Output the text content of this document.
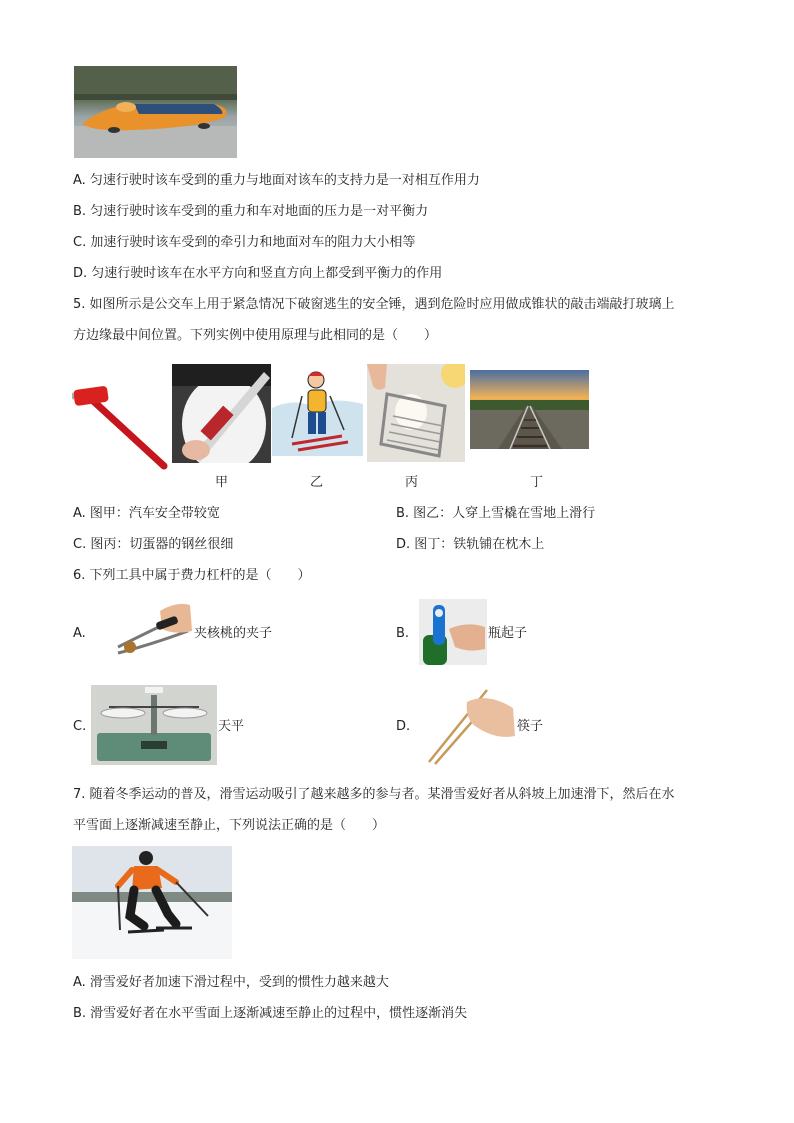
A. 匀速行驶时该车受到的重力与地面对该车的支持力是一对相互作用力
B. 匀速行驶时该车受到的重力和车对地面的压力是一对平衡力
C. 加速行驶时该车受到的牵引力和地面对车的阻力大小相等
D. 匀速行驶时该车在水平方向和竖直方向上都受到平衡力的作用
5. 如图所示是公交车上用于紧急情况下破窗逃生的安全锤，遇到危险时应用做成锥状的敲击端敲打玻璃上
方边缘最中间位置。下列实例中使用原理与此相同的是（　　）
甲	乙	丙	丁
A. 图甲：汽车安全带较宽	B. 图乙：人穿上雪橇在雪地上滑行
C. 图丙：切蛋器的钢丝很细	D. 图丁：铁轨铺在枕木上
6. 下列工具中属于费力杠杆的是（　　）
A.	夹核桃的夹子	B.	瓶起子
C.	天平	D.	筷子
7. 随着冬季运动的普及，滑雪运动吸引了越来越多的参与者。某滑雪爱好者从斜坡上加速滑下，然后在水
平雪面上逐渐减速至静止，下列说法正确的是（　　）
A. 滑雪爱好者加速下滑过程中，受到的惯性力越来越大
B. 滑雪爱好者在水平雪面上逐渐减速至静止的过程中，惯性逐渐消失
